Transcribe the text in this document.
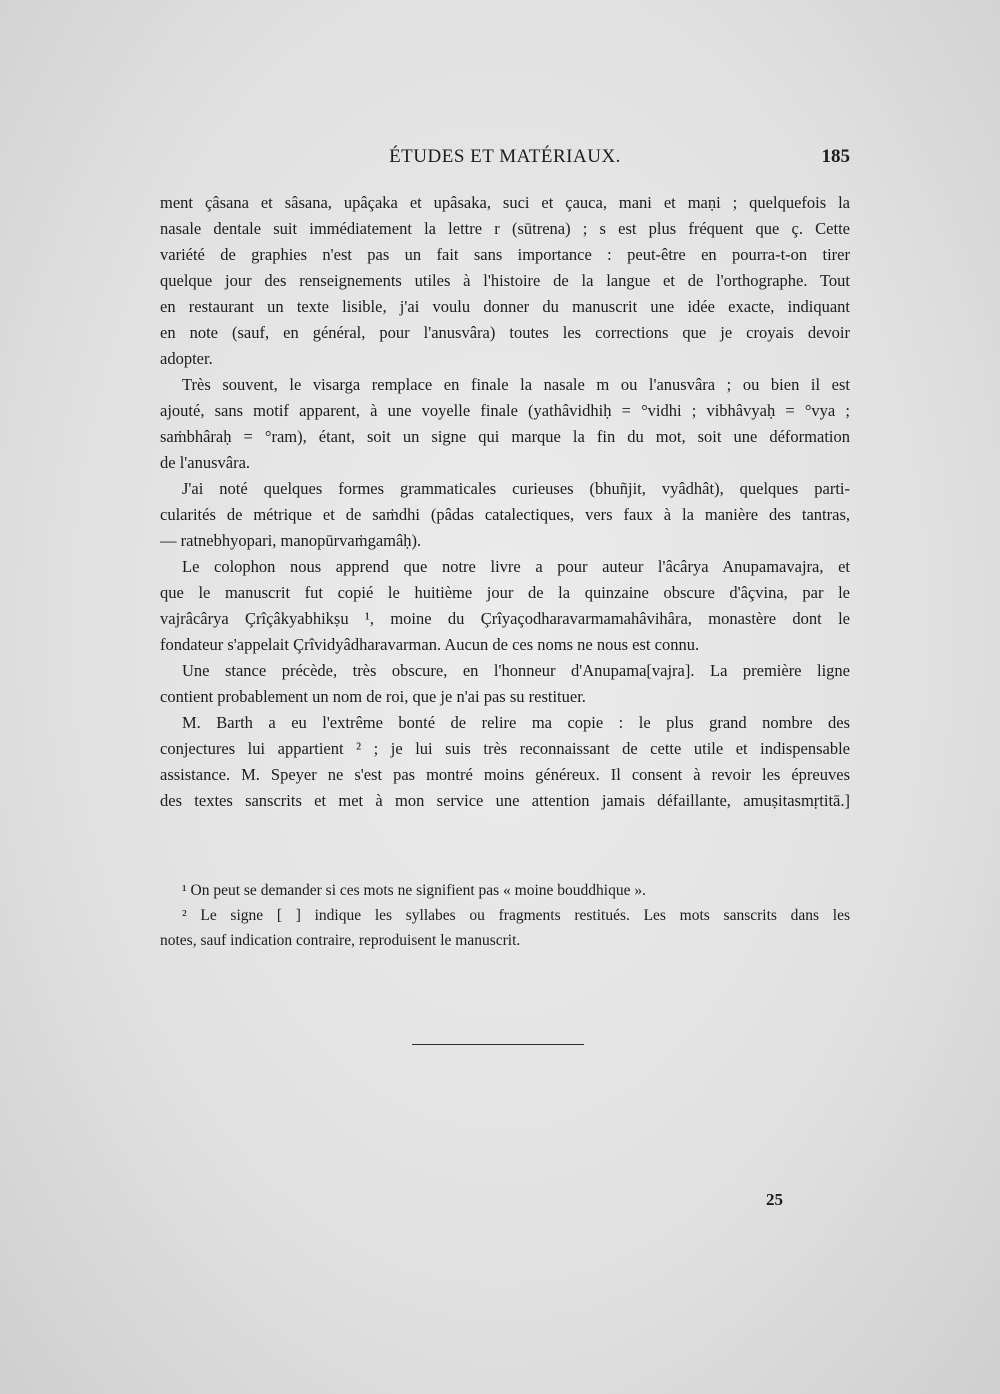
ÉTUDES ET MATÉRIAUX.	185
ment çâsana et sâsana, upâçaka et upâsaka, suci et çauca, mani et maṇi ; quelquefois la
nasale dentale suit immédiatement la lettre r (sūtrena) ; s est plus fréquent que ç. Cette
variété de graphies n'est pas un fait sans importance : peut-être en pourra-t-on tirer
quelque jour des renseignements utiles à l'histoire de la langue et de l'orthographe. Tout
en restaurant un texte lisible, j'ai voulu donner du manuscrit une idée exacte, indiquant
en note (sauf, en général, pour l'anusvâra) toutes les corrections que je croyais devoir
adopter.
Très souvent, le visarga remplace en finale la nasale m ou l'anusvâra ; ou bien il est
ajouté, sans motif apparent, à une voyelle finale (yathâvidhiḥ = °vidhi ; vibhâvyaḥ = °vya ;
saṁbhâraḥ = °ram), étant, soit un signe qui marque la fin du mot, soit une déformation
de l'anusvâra.
J'ai noté quelques formes grammaticales curieuses (bhuñjit, vyâdhât), quelques parti-
cularités de métrique et de saṁdhi (pâdas catalectiques, vers faux à la manière des tantras,
— ratnebhyopari, manopūrvaṁgamâḥ).
Le colophon nous apprend que notre livre a pour auteur l'âcârya Anupamavajra, et
que le manuscrit fut copié le huitième jour de la quinzaine obscure d'âçvina, par le
vajrâcârya Çrîçâkyabhikṣu ¹, moine du Çrîyaçodharavarmamahâvihâra, monastère dont le
fondateur s'appelait Çrîvidyâdharavarman. Aucun de ces noms ne nous est connu.
Une stance précède, très obscure, en l'honneur d'Anupama[vajra]. La première ligne
contient probablement un nom de roi, que je n'ai pas su restituer.
M. Barth a eu l'extrême bonté de relire ma copie : le plus grand nombre des
conjectures lui appartient ² ; je lui suis très reconnaissant de cette utile et indispensable
assistance. M. Speyer ne s'est pas montré moins généreux. Il consent à revoir les épreuves
des textes sanscrits et met à mon service une attention jamais défaillante, amuṣitasmṛtitā.]
¹ On peut se demander si ces mots ne signifient pas « moine bouddhique ».
² Le signe [ ] indique les syllabes ou fragments restitués. Les mots sanscrits dans les
notes, sauf indication contraire, reproduisent le manuscrit.
25
